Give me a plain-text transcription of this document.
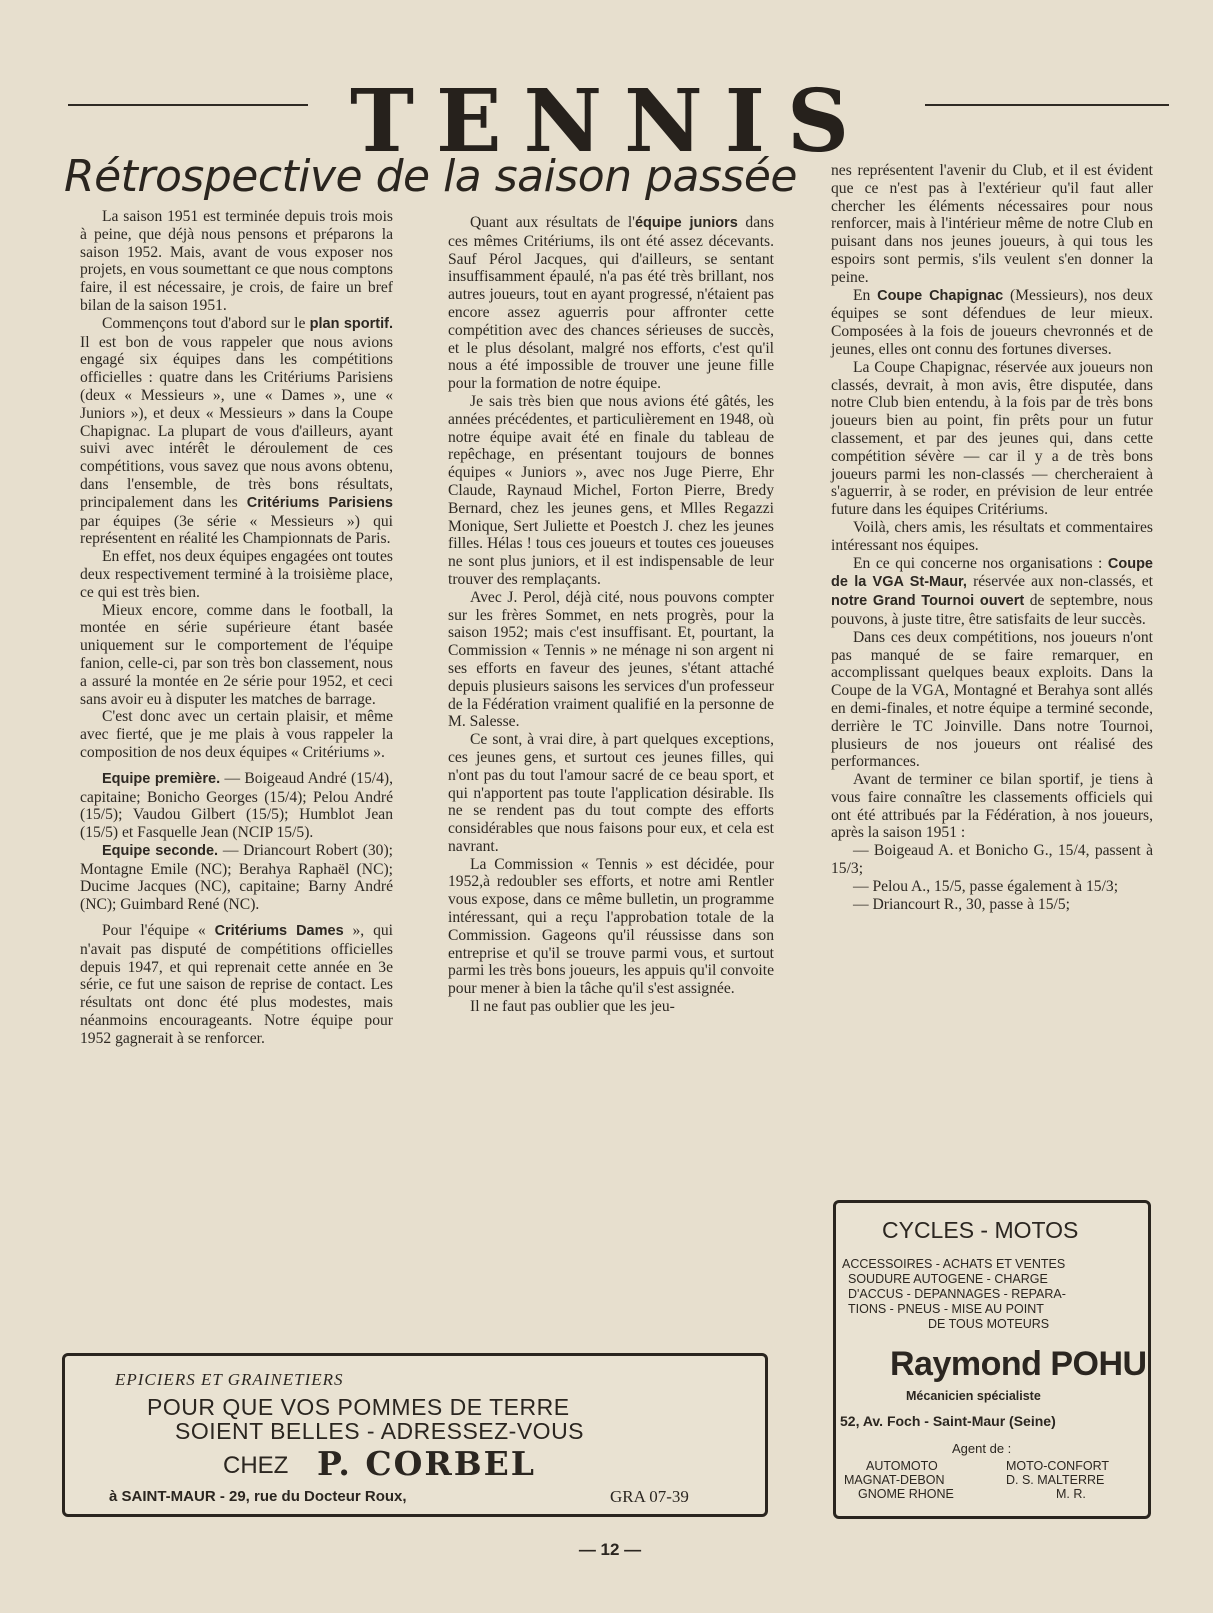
TENNIS
Rétrospective de la saison passée

La saison 1951 est terminée depuis trois mois à peine, que déjà nous pensons et préparons la saison 1952. Mais, avant de vous exposer nos projets, en vous soumettant ce que nous comptons faire, il est nécessaire, je crois, de faire un bref bilan de la saison 1951.

Commençons tout d'abord sur le plan sportif. Il est bon de vous rappeler que nous avions engagé six équipes dans les compétitions officielles : quatre dans les Critériums Parisiens (deux « Messieurs », une « Dames », une « Juniors »), et deux « Messieurs » dans la Coupe Chapignac. La plupart de vous d'ailleurs, ayant suivi avec intérêt le déroulement de ces compétitions, vous savez que nous avons obtenu, dans l'ensemble, de très bons résultats, principalement dans les Critériums Parisiens par équipes (3e série « Messieurs ») qui représentent en réalité les Championnats de Paris.

En effet, nos deux équipes engagées ont toutes deux respectivement terminé à la troisième place, ce qui est très bien.

Mieux encore, comme dans le football, la montée en série supérieure étant basée uniquement sur le comportement de l'équipe fanion, celle-ci, par son très bon classement, nous a assuré la montée en 2e série pour 1952, et ceci sans avoir eu à disputer les matches de barrage.

C'est donc avec un certain plaisir, et même avec fierté, que je me plais à vous rappeler la composition de nos deux équipes « Critériums ».

Equipe première. — Boigeaud André (15/4), capitaine; Bonicho Georges (15/4); Pelou André (15/5); Vaudou Gilbert (15/5); Humblot Jean (15/5) et Fasquelle Jean (NCIP 15/5).

Equipe seconde. — Driancourt Robert (30); Montagne Emile (NC); Berahya Raphaël (NC); Ducime Jacques (NC), capitaine; Barny André (NC); Guimbard René (NC).

Pour l'équipe « Critériums Dames », qui n'avait pas disputé de compétitions officielles depuis 1947, et qui reprenait cette année en 3e série, ce fut une saison de reprise de contact. Les résultats ont donc été plus modestes, mais néanmoins encourageants. Notre équipe pour 1952 gagnerait à se renforcer.

Quant aux résultats de l'équipe juniors dans ces mêmes Critériums, ils ont été assez décevants. Sauf Pérol Jacques, qui d'ailleurs, se sentant insuffisamment épaulé, n'a pas été très brillant, nos autres joueurs, tout en ayant progressé, n'étaient pas encore assez aguerris pour affronter cette compétition avec des chances sérieuses de succès, et le plus désolant, malgré nos efforts, c'est qu'il nous a été impossible de trouver une jeune fille pour la formation de notre équipe.

Je sais très bien que nous avions été gâtés, les années précédentes, et particulièrement en 1948, où notre équipe avait été en finale du tableau de repêchage, en présentant toujours de bonnes équipes « Juniors », avec nos Juge Pierre, Ehr Claude, Raynaud Michel, Forton Pierre, Bredy Bernard, chez les jeunes gens, et Mlles Regazzi Monique, Sert Juliette et Poestch J. chez les jeunes filles. Hélas ! tous ces joueurs et toutes ces joueuses ne sont plus juniors, et il est indispensable de leur trouver des remplaçants.

Avec J. Perol, déjà cité, nous pouvons compter sur les frères Sommet, en nets progrès, pour la saison 1952; mais c'est insuffisant. Et, pourtant, la Commission « Tennis » ne ménage ni son argent ni ses efforts en faveur des jeunes, s'étant attaché depuis plusieurs saisons les services d'un professeur de la Fédération vraiment qualifié en la personne de M. Salesse.

Ce sont, à vrai dire, à part quelques exceptions, ces jeunes gens, et surtout ces jeunes filles, qui n'ont pas du tout l'amour sacré de ce beau sport, et qui n'apportent pas toute l'application désirable. Ils ne se rendent pas du tout compte des efforts considérables que nous faisons pour eux, et cela est navrant.

La Commission « Tennis » est décidée, pour 1952,à redoubler ses efforts, et notre ami Rentler vous expose, dans ce même bulletin, un programme intéressant, qui a reçu l'approbation totale de la Commission. Gageons qu'il réussisse dans son entreprise et qu'il se trouve parmi vous, et surtout parmi les très bons joueurs, les appuis qu'il convoite pour mener à bien la tâche qu'il s'est assignée.

Il ne faut pas oublier que les jeu-

nes représentent l'avenir du Club, et il est évident que ce n'est pas à l'extérieur qu'il faut aller chercher les éléments nécessaires pour nous renforcer, mais à l'intérieur même de notre Club en puisant dans nos jeunes joueurs, à qui tous les espoirs sont permis, s'ils veulent s'en donner la peine.

En Coupe Chapignac (Messieurs), nos deux équipes se sont défendues de leur mieux. Composées à la fois de joueurs chevronnés et de jeunes, elles ont connu des fortunes diverses.

La Coupe Chapignac, réservée aux joueurs non classés, devrait, à mon avis, être disputée, dans notre Club bien entendu, à la fois par de très bons joueurs bien au point, fin prêts pour un futur classement, et par des jeunes qui, dans cette compétition sévère — car il y a de très bons joueurs parmi les non-classés — chercheraient à s'aguerrir, à se roder, en prévision de leur entrée future dans les équipes Critériums.

Voilà, chers amis, les résultats et commentaires intéressant nos équipes.

En ce qui concerne nos organisations : Coupe de la VGA St-Maur, réservée aux non-classés, et notre Grand Tournoi ouvert de septembre, nous pouvons, à juste titre, être satisfaits de leur succès.

Dans ces deux compétitions, nos joueurs n'ont pas manqué de se faire remarquer, en accomplissant quelques beaux exploits. Dans la Coupe de la VGA, Montagné et Berahya sont allés en demi-finales, et notre équipe a terminé seconde, derrière le TC Joinville. Dans notre Tournoi, plusieurs de nos joueurs ont réalisé des performances.

Avant de terminer ce bilan sportif, je tiens à vous faire connaître les classements officiels qui ont été attribués par la Fédération, à nos joueurs, après la saison 1951 :

— Boigeaud A. et Bonicho G., 15/4, passent à 15/3;

— Pelou A., 15/5, passe également à 15/3;

— Driancourt R., 30, passe à 15/5;

EPICIERS ET GRAINETIERS
POUR QUE VOS POMMES DE TERRE
SOIENT BELLES - ADRESSEZ-VOUS
CHEZ P. CORBEL
à SAINT-MAUR - 29, rue du Docteur Roux,	GRA 07-39
CYCLES - MOTOS
ACCESSOIRES - ACHATS ET VENTES
SOUDURE AUTOGENE - CHARGE
D'ACCUS - DEPANNAGES - REPARA-
TIONS - PNEUS - MISE AU POINT
DE TOUS MOTEURS
Raymond POHU
Mécanicien spécialiste
52, Av. Foch - Saint-Maur (Seine)
Agent de :
AUTOMOTO	MOTO-CONFORT
MAGNAT-DEBON	D. S. MALTERRE
GNOME RHONE	M. R.
— 12 —
